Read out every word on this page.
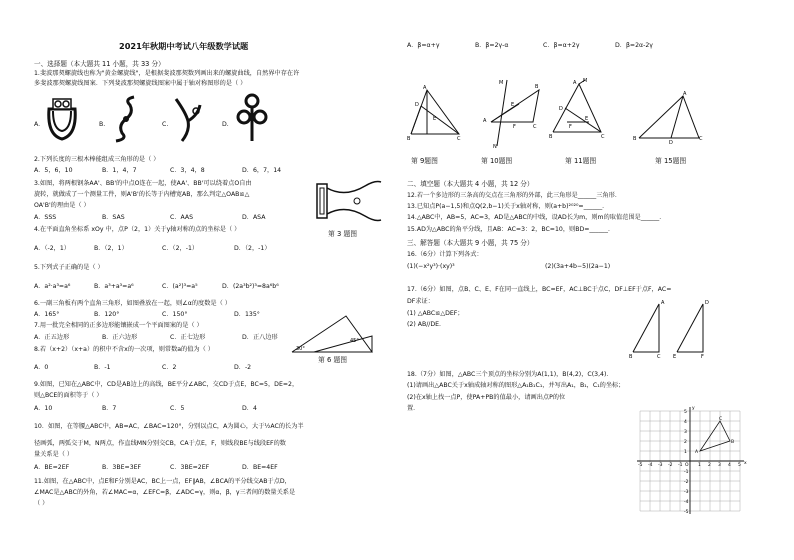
2021年秋期中考试八年级数学试题
一、选择题（本大题共 11 小题，共 33 分）
1.斐波那契螺旋线也称为"黄金螺旋线"，是根据斐波那契数列画出来的螺旋曲线，自然界中存在许
多斐波那契螺旋线图案．下列斐波那契螺旋线图案中属于轴对称图形的是（ ）
A.	B.	C.	D.
2.下列长度的三根木棒能组成三角形的是（ ）
A．5，6，10	B．1，4，7	C．3，4，8	D．6，7，14
3.如图，将两根钢条AA'、BB'的中点O连在一起，使AA'、BB'可以绕着点O自由
旋转，就做成了一个测量工件，则A'B'的长等于内槽宽AB，那么判定△OAB≌△
OA'B'的理由是（ ）
A．SSS	B．SAS	C．AAS	D．ASA
第 3 题图
4.在平面直角坐标系 xOy 中，点P（2，1）关于y轴对称的点的坐标是（ ）
A．（-2，1）	B．（2，1）	C．（2，-1）	D．（2，-1）
5.下列式子正确的是（ ）
A．a²·a³=a⁶	B．a³+a³=a⁶	C．(a²)³=a⁵	D．(2a³b²)³=8a⁶b⁶
6.一副三角板有两个直角三角形，如图叠放在一起，则∠α的度数是（ ）
A．165°	B．120°	C．150°	D．135°
30°
45°
第 6 题图
7.用一批完全相同的正多边形能镶嵌成一个平面图案的是（ ）
A．正五边形	B．正六边形	C．正七边形	D．正八边形
8.若（x+2）（x+a）的积中不含x的一次项，则常数a的值为（ ）
A．0	B．-1	C．2	D．-2
9.如图，已知在△ABC中，CD是AB边上的高线，BE平分∠ABC，交CD于点E，BC=5，DE=2，
则△BCE的面积等于（ ）
A．10	B．7	C．5	D．4
10．如图，在等腰△ABC中，AB=AC，∠BAC=120°，分别以点C，A为圆心，大于½AC的长为半
径画弧，两弧交于M，N两点，作直线MN分别交CB，CA于点E，F，则线段BE与线段EF的数
量关系是（ ）
A．BE=2EF	B．3BE=3EF	C．3BE=2EF	D．BE=4EF
11.如图，在△ABC中，点E和F分别是AC，BC上一点，EF∥AB，∠BCA的平分线交AB于点D，
∠MAC是△ABC的外角，若∠MAC=α，∠EFC=β，∠ADC=γ，则α，β，γ三者间的数量关系是
（ ）
A．β=α+γ	B．β=2γ-α	C．β=α+2γ	D．β=2α-2γ
A
D
E
B	C
第 9题图
M
B
A
E
F	C
N
第 10题图
M
A
D
E
F
B	C
第 11题图
A
B
D
C
第 15题图
二、填空题（本大题共 4 小题，共 12 分）
12.若一个多边形的三条高的交点在三角形的外部，此三角形是______三角形．
13.已知点P(a−1,5)和点Q(2,b−1)关于x轴对称，则(a+b)²⁰²⁰=______．
14.△ABC中，AB=5，AC=3，AD是△ABC的中线，设AD长为m，则m的取值范围是______．
15.AD为△ABC的角平分线，且AB：AC=3：2，BC=10，则BD=______．
三、解答题（本大题共 9 小题，共 75 分）
16.（6分）计算下列各式：
(1)(−x²y³)·(xy)³	(2)(3a+4b−5)(2a−1)
17.（6分）如图，点B、C、E、F在同一直线上，BC=EF，AC⊥BC于点C，DF⊥EF于点F，AC=
DF求证：
(1) △ABC≌△DEF；
(2) AB//DE.
A	D
B	C	E	F
18.（7分）如图，△ABC三个顶点的坐标分别为A(1,1)，B(4,2)，C(3,4)．
(1)请画出△ABC关于x轴成轴对称的图形△A₁B₁C₁，并写出A₁，B₁，C₁的坐标；
(2)在x轴上找一点P，使PA+PB的值最小，请画出点P的位
置．
x
y
O
-5 -4 -3 -2 -1	1 2 3 4 5
5
4
3
2
1
-1
-2
-3
-4
-5
A
B
C
